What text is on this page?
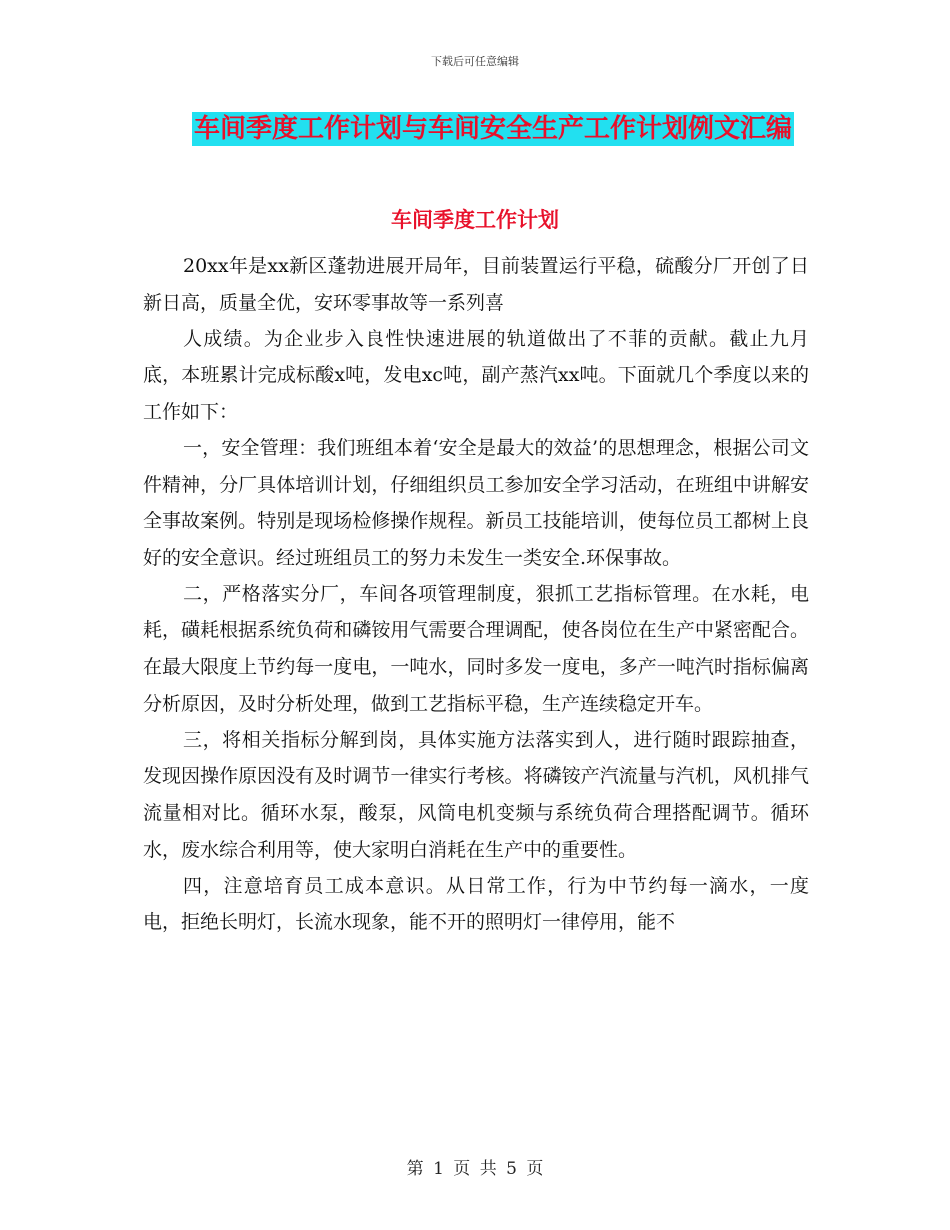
下载后可任意编辑
车间季度工作计划与车间安全生产工作计划例文汇编
车间季度工作计划

20xx年是xx新区蓬勃进展开局年，目前装置运行平稳，硫酸分厂开创了日新日高，质量全优，安环零事故等一系列喜

人成绩。为企业步入良性快速进展的轨道做出了不菲的贡献。截止九月底，本班累计完成标酸x吨，发电xc吨，副产蒸汽xx吨。下面就几个季度以来的工作如下：

一，安全管理：我们班组本着‘安全是最大的效益’的思想理念，根据公司文件精神，分厂具体培训计划，仔细组织员工参加安全学习活动，在班组中讲解安全事故案例。特别是现场检修操作规程。新员工技能培训，使每位员工都树上良好的安全意识。经过班组员工的努力未发生一类安全.环保事故。

二，严格落实分厂，车间各项管理制度，狠抓工艺指标管理。在水耗，电耗，磺耗根据系统负荷和磷铵用气需要合理调配，使各岗位在生产中紧密配合。在最大限度上节约每一度电，一吨水，同时多发一度电，多产一吨汽时指标偏离分析原因，及时分析处理，做到工艺指标平稳，生产连续稳定开车。

三，将相关指标分解到岗，具体实施方法落实到人，进行随时跟踪抽查，发现因操作原因没有及时调节一律实行考核。将磷铵产汽流量与汽机，风机排气流量相对比。循环水泵，酸泵，风筒电机变频与系统负荷合理搭配调节。循环水，废水综合利用等，使大家明白消耗在生产中的重要性。

四，注意培育员工成本意识。从日常工作，行为中节约每一滴水，一度电，拒绝长明灯，长流水现象，能不开的照明灯一律停用，能不

第 1 页 共 5 页
